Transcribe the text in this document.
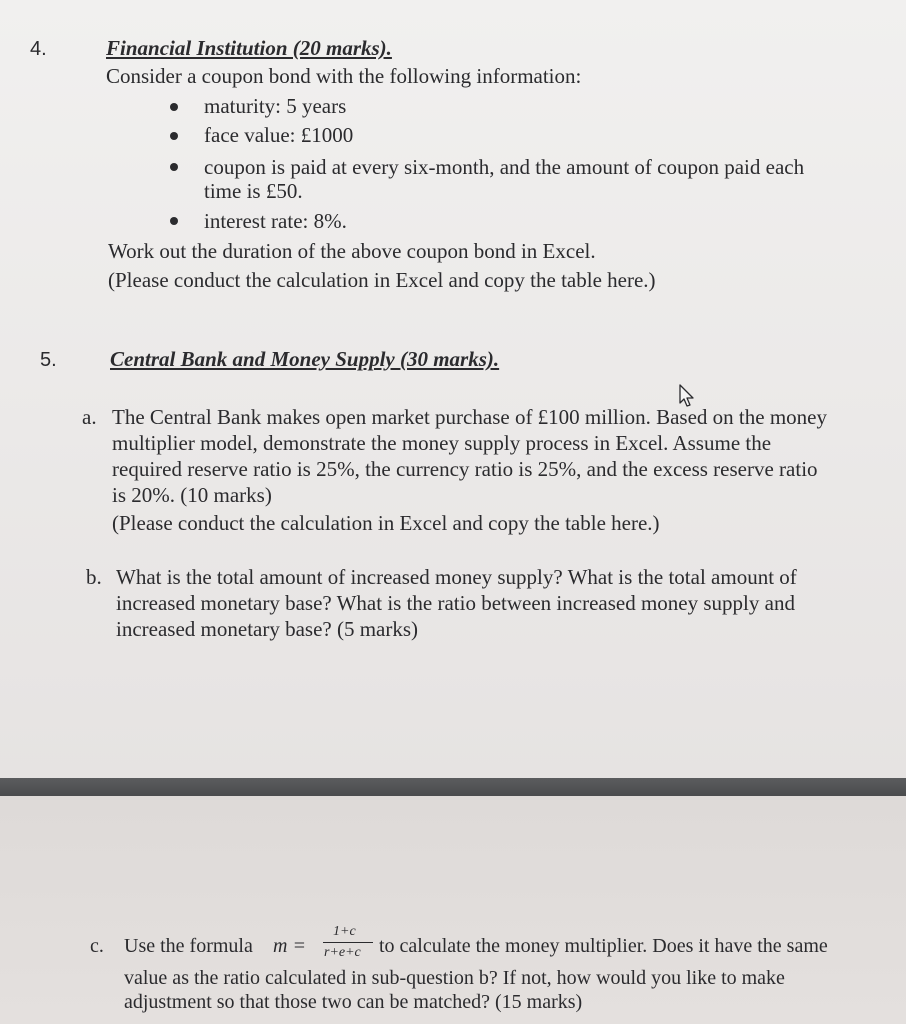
4.	Financial Institution (20 marks).
Consider a coupon bond with the following information:
maturity: 5 years
face value: £1000
coupon is paid at every six-month, and the amount of coupon paid each
time is £50.
interest rate: 8%.
Work out the duration of the above coupon bond in Excel.
(Please conduct the calculation in Excel and copy the table here.)
5.	Central Bank and Money Supply (30 marks).
a. The Central Bank makes open market purchase of £100 million. Based on the money
multiplier model, demonstrate the money supply process in Excel. Assume the
required reserve ratio is 25%, the currency ratio is 25%, and the excess reserve ratio
is 20%. (10 marks)
(Please conduct the calculation in Excel and copy the table here.)
b. What is the total amount of increased money supply? What is the total amount of
increased monetary base? What is the ratio between increased money supply and
increased monetary base? (5 marks)
c. Use the formula m =
1+c
r+e+c to calculate the money multiplier. Does it have the same
value as the ratio calculated in sub-question b? If not, how would you like to make
adjustment so that those two can be matched? (15 marks)
